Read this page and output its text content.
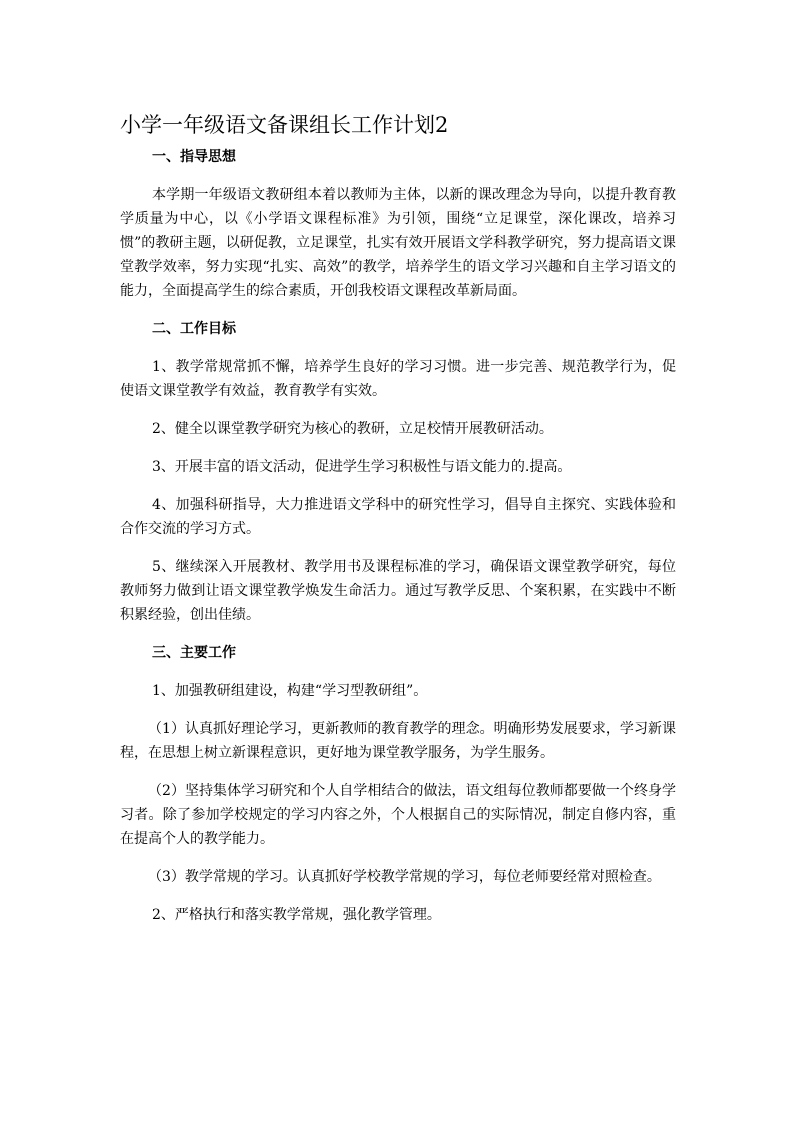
小学一年级语文备课组长工作计划2
一、指导思想

本学期一年级语文教研组本着以教师为主体，以新的课改理念为导向，以提升教育教学质量为中心，以《小学语文课程标准》为引领，围绕“立足课堂，深化课改，培养习惯”的教研主题，以研促教，立足课堂，扎实有效开展语文学科教学研究，努力提高语文课堂教学效率，努力实现“扎实、高效”的教学，培养学生的语文学习兴趣和自主学习语文的能力，全面提高学生的综合素质，开创我校语文课程改革新局面。

二、工作目标

1、教学常规常抓不懈，培养学生良好的学习习惯。进一步完善、规范教学行为，促使语文课堂教学有效益，教育教学有实效。

2、健全以课堂教学研究为核心的教研，立足校情开展教研活动。

3、开展丰富的语文活动，促进学生学习积极性与语文能力的.提高。

4、加强科研指导，大力推进语文学科中的研究性学习，倡导自主探究、实践体验和合作交流的学习方式。

5、继续深入开展教材、教学用书及课程标准的学习，确保语文课堂教学研究，每位教师努力做到让语文课堂教学焕发生命活力。通过写教学反思、个案积累，在实践中不断积累经验，创出佳绩。

三、主要工作

1、加强教研组建设，构建“学习型教研组”。

（1）认真抓好理论学习，更新教师的教育教学的理念。明确形势发展要求，学习新课程，在思想上树立新课程意识，更好地为课堂教学服务，为学生服务。

（2）坚持集体学习研究和个人自学相结合的做法，语文组每位教师都要做一个终身学习者。除了参加学校规定的学习内容之外，个人根据自己的实际情况，制定自修内容，重在提高个人的教学能力。

（3）教学常规的学习。认真抓好学校教学常规的学习，每位老师要经常对照检查。

2、严格执行和落实教学常规，强化教学管理。
